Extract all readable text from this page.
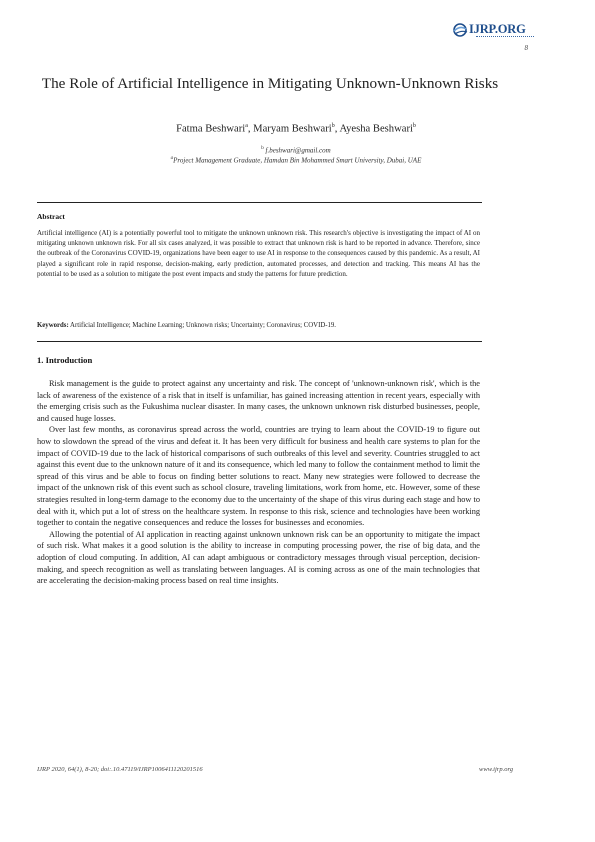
IJRP.ORG
8
The Role of Artificial Intelligence in Mitigating Unknown-Unknown Risks
Fatma Beshwari$^a$, Maryam Beshwari$^b$, Ayesha Beshwari$^b$
$^b$ f.beshwari@gmail.com
$^a$Project Management Graduate, Hamdan Bin Mohammed Smart University, Dubai, UAE
Abstract
Artificial intelligence (AI) is a potentially powerful tool to mitigate the unknown unknown risk. This research's objective is investigating the impact of AI on mitigating unknown unknown risk. For all six cases analyzed, it was possible to extract that unknown risk is hard to be reported in advance. Therefore, since the outbreak of the Coronavirus COVID-19, organizations have been eager to use AI in response to the consequences caused by this pandemic. As a result, AI played a significant role in rapid response, decision-making, early prediction, automated processes, and detection and tracking. This means AI has the potential to be used as a solution to mitigate the post event impacts and study the patterns for future prediction.
Keywords: Artificial Intelligence; Machine Learning; Unknown risks; Uncertainty; Coronavirus; COVID-19.
1. Introduction

Risk management is the guide to protect against any uncertainty and risk. The concept of 'unknown-unknown risk', which is the lack of awareness of the existence of a risk that in itself is unfamiliar, has gained increasing attention in recent years, especially with the emerging crisis such as the Fukushima nuclear disaster. In many cases, the unknown unknown risk disturbed businesses, people, and caused huge losses.

Over last few months, as coronavirus spread across the world, countries are trying to learn about the COVID-19 to figure out how to slowdown the spread of the virus and defeat it. It has been very difficult for business and health care systems to plan for the impact of COVID-19 due to the lack of historical comparisons of such outbreaks of this level and severity. Countries struggled to act against this event due to the unknown nature of it and its consequence, which led many to follow the containment method to limit the spread of this virus and be able to focus on finding better solutions to react. Many new strategies were followed to decrease the impact of the unknown risk of this event such as school closure, traveling limitations, work from home, etc. However, some of these strategies resulted in long-term damage to the economy due to the uncertainty of the shape of this virus during each stage and how to deal with it, which put a lot of stress on the healthcare system. In response to this risk, science and technologies have been working together to contain the negative consequences and reduce the losses for businesses and economies.

Allowing the potential of AI application in reacting against unknown unknown risk can be an opportunity to mitigate the impact of such risk. What makes it a good solution is the ability to increase in computing processing power, the rise of big data, and the adoption of cloud computing. In addition, AI can adapt ambiguous or contradictory messages through visual perception, decision-making, and speech recognition as well as translating between languages. AI is coming across as one of the main technologies that are accelerating the decision-making process based on real time insights.

IJRP 2020, 64(1), 8-20; doi:.10.47119/IJRP1006411120201516	www.ijrp.org
